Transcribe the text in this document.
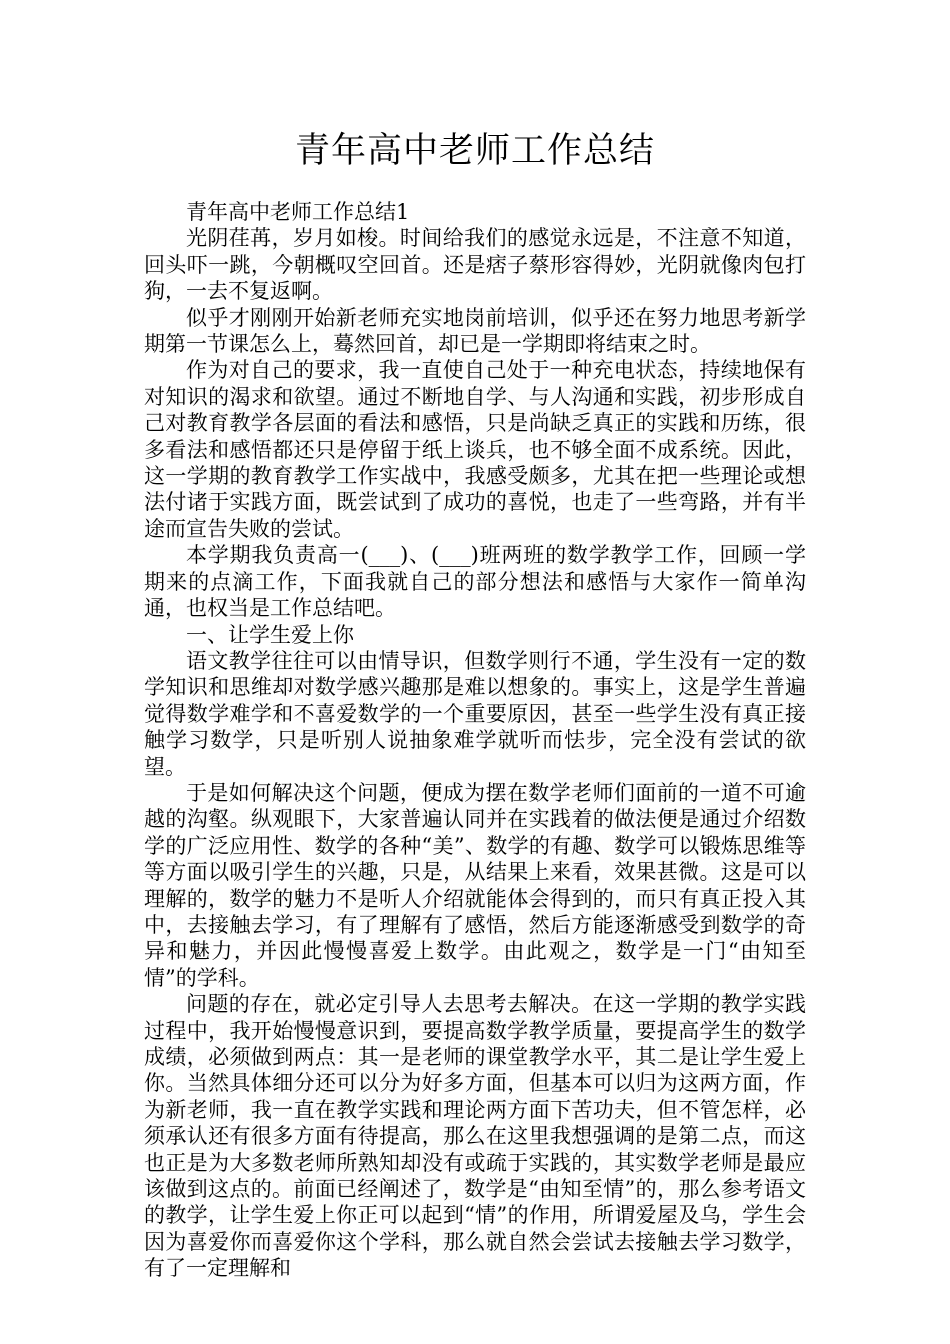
青年高中老师工作总结

青年高中老师工作总结1

光阴荏苒，岁月如梭。时间给我们的感觉永远是，不注意不知道，回头吓一跳，今朝概叹空回首。还是痞子蔡形容得妙，光阴就像肉包打狗，一去不复返啊。

似乎才刚刚开始新老师充实地岗前培训，似乎还在努力地思考新学期第一节课怎么上，蓦然回首，却已是一学期即将结束之时。

作为对自己的要求，我一直使自己处于一种充电状态，持续地保有对知识的渴求和欲望。通过不断地自学、与人沟通和实践，初步形成自己对教育教学各层面的看法和感悟，只是尚缺乏真正的实践和历练，很多看法和感悟都还只是停留于纸上谈兵，也不够全面不成系统。因此，这一学期的教育教学工作实战中，我感受颇多，尤其在把一些理论或想法付诸于实践方面，既尝试到了成功的喜悦，也走了一些弯路，并有半途而宣告失败的尝试。

本学期我负责高一(___)、(___)班两班的数学教学工作，回顾一学期来的点滴工作，下面我就自己的部分想法和感悟与大家作一简单沟通，也权当是工作总结吧。

一、让学生爱上你

语文教学往往可以由情导识，但数学则行不通，学生没有一定的数学知识和思维却对数学感兴趣那是难以想象的。事实上，这是学生普遍觉得数学难学和不喜爱数学的一个重要原因，甚至一些学生没有真正接触学习数学，只是听别人说抽象难学就听而怯步，完全没有尝试的欲望。

于是如何解决这个问题，便成为摆在数学老师们面前的一道不可逾越的沟壑。纵观眼下，大家普遍认同并在实践着的做法便是通过介绍数学的广泛应用性、数学的各种“美”、数学的有趣、数学可以锻炼思维等等方面以吸引学生的兴趣，只是，从结果上来看，效果甚微。这是可以理解的，数学的魅力不是听人介绍就能体会得到的，而只有真正投入其中，去接触去学习，有了理解有了感悟，然后方能逐渐感受到数学的奇异和魅力，并因此慢慢喜爱上数学。由此观之，数学是一门“由知至情”的学科。

问题的存在，就必定引导人去思考去解决。在这一学期的教学实践过程中，我开始慢慢意识到，要提高数学教学质量，要提高学生的数学成绩，必须做到两点：其一是老师的课堂教学水平，其二是让学生爱上你。当然具体细分还可以分为好多方面，但基本可以归为这两方面，作为新老师，我一直在教学实践和理论两方面下苦功夫，但不管怎样，必须承认还有很多方面有待提高，那么在这里我想强调的是第二点，而这也正是为大多数老师所熟知却没有或疏于实践的，其实数学老师是最应该做到这点的。前面已经阐述了，数学是“由知至情”的，那么参考语文的教学，让学生爱上你正可以起到“情”的作用，所谓爱屋及乌，学生会因为喜爱你而喜爱你这个学科，那么就自然会尝试去接触去学习数学，有了一定理解和
